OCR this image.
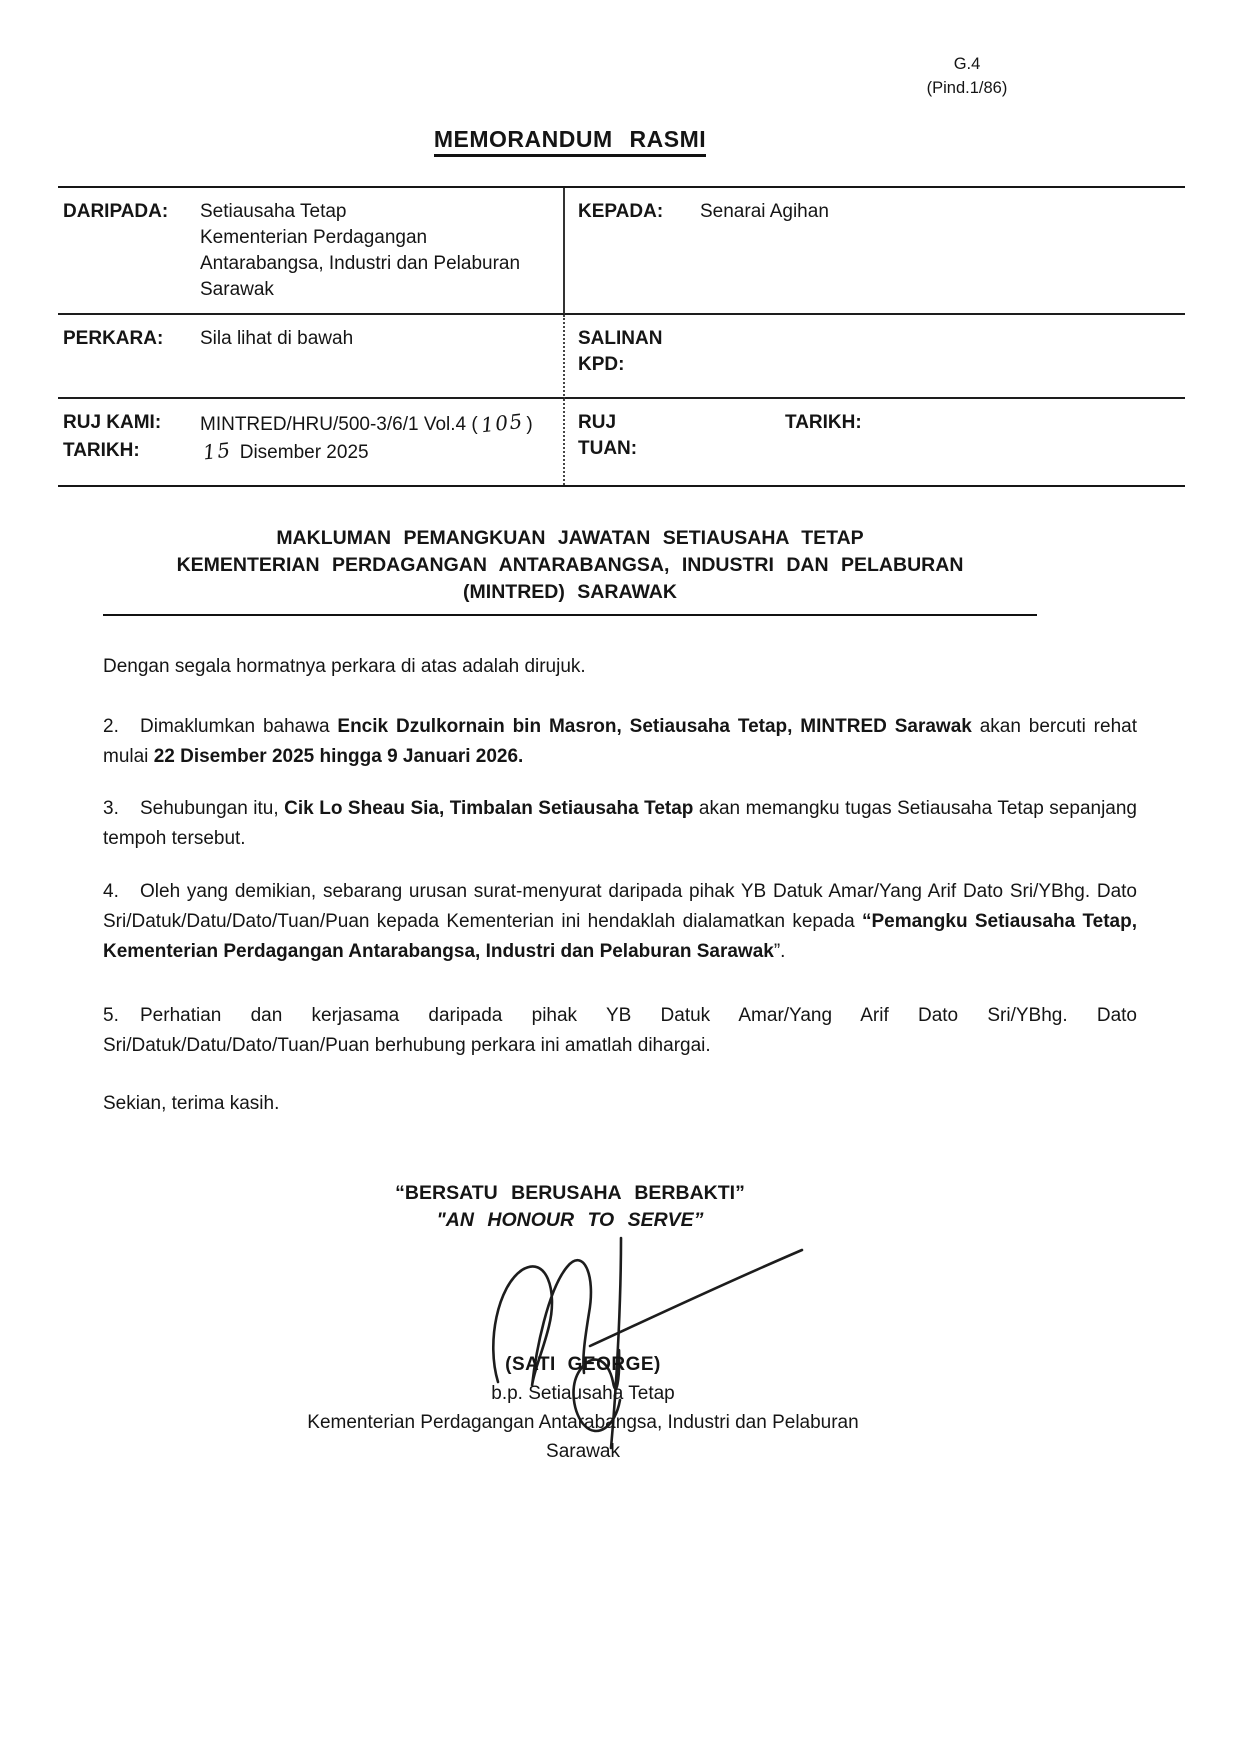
G.4
(Pind.1/86)
MEMORANDUM RASMI
DARIPADA:	Setiausaha Tetap
Kementerian Perdagangan
Antarabangsa, Industri dan Pelaburan
Sarawak
KEPADA:	Senarai Agihan
PERKARA:	Sila lihat di bawah	SALINAN
KPD:
RUJ KAMI:	MINTRED/HRU/500-3/6/1 Vol.4 (105)
TARIKH:	15 Disember 2025
RUJ TUAN:
TARIKH:
MAKLUMAN PEMANGKUAN JAWATAN SETIAUSAHA TETAP
KEMENTERIAN PERDAGANGAN ANTARABANGSA, INDUSTRI DAN PELABURAN
(MINTRED) SARAWAK

Dengan segala hormatnya perkara di atas adalah dirujuk.

2. Dimaklumkan bahawa Encik Dzulkornain bin Masron, Setiausaha Tetap, MINTRED Sarawak akan bercuti rehat mulai 22 Disember 2025 hingga 9 Januari 2026.

3. Sehubungan itu, Cik Lo Sheau Sia, Timbalan Setiausaha Tetap akan memangku tugas Setiausaha Tetap sepanjang tempoh tersebut.

4. Oleh yang demikian, sebarang urusan surat-menyurat daripada pihak YB Datuk Amar/Yang Arif Dato Sri/YBhg. Dato Sri/Datuk/Datu/Dato/Tuan/Puan kepada Kementerian ini hendaklah dialamatkan kepada “Pemangku Setiausaha Tetap, Kementerian Perdagangan Antarabangsa, Industri dan Pelaburan Sarawak”.

5. Perhatian dan kerjasama daripada pihak YB Datuk Amar/Yang Arif Dato Sri/YBhg. Dato Sri/Datuk/Datu/Dato/Tuan/Puan berhubung perkara ini amatlah dihargai.

Sekian, terima kasih.

“BERSATU BERUSAHA BERBAKTI”
"AN HONOUR TO SERVE”
(SATI GEORGE)
b.p. Setiausaha Tetap
Kementerian Perdagangan Antarabangsa, Industri dan Pelaburan
Sarawak
